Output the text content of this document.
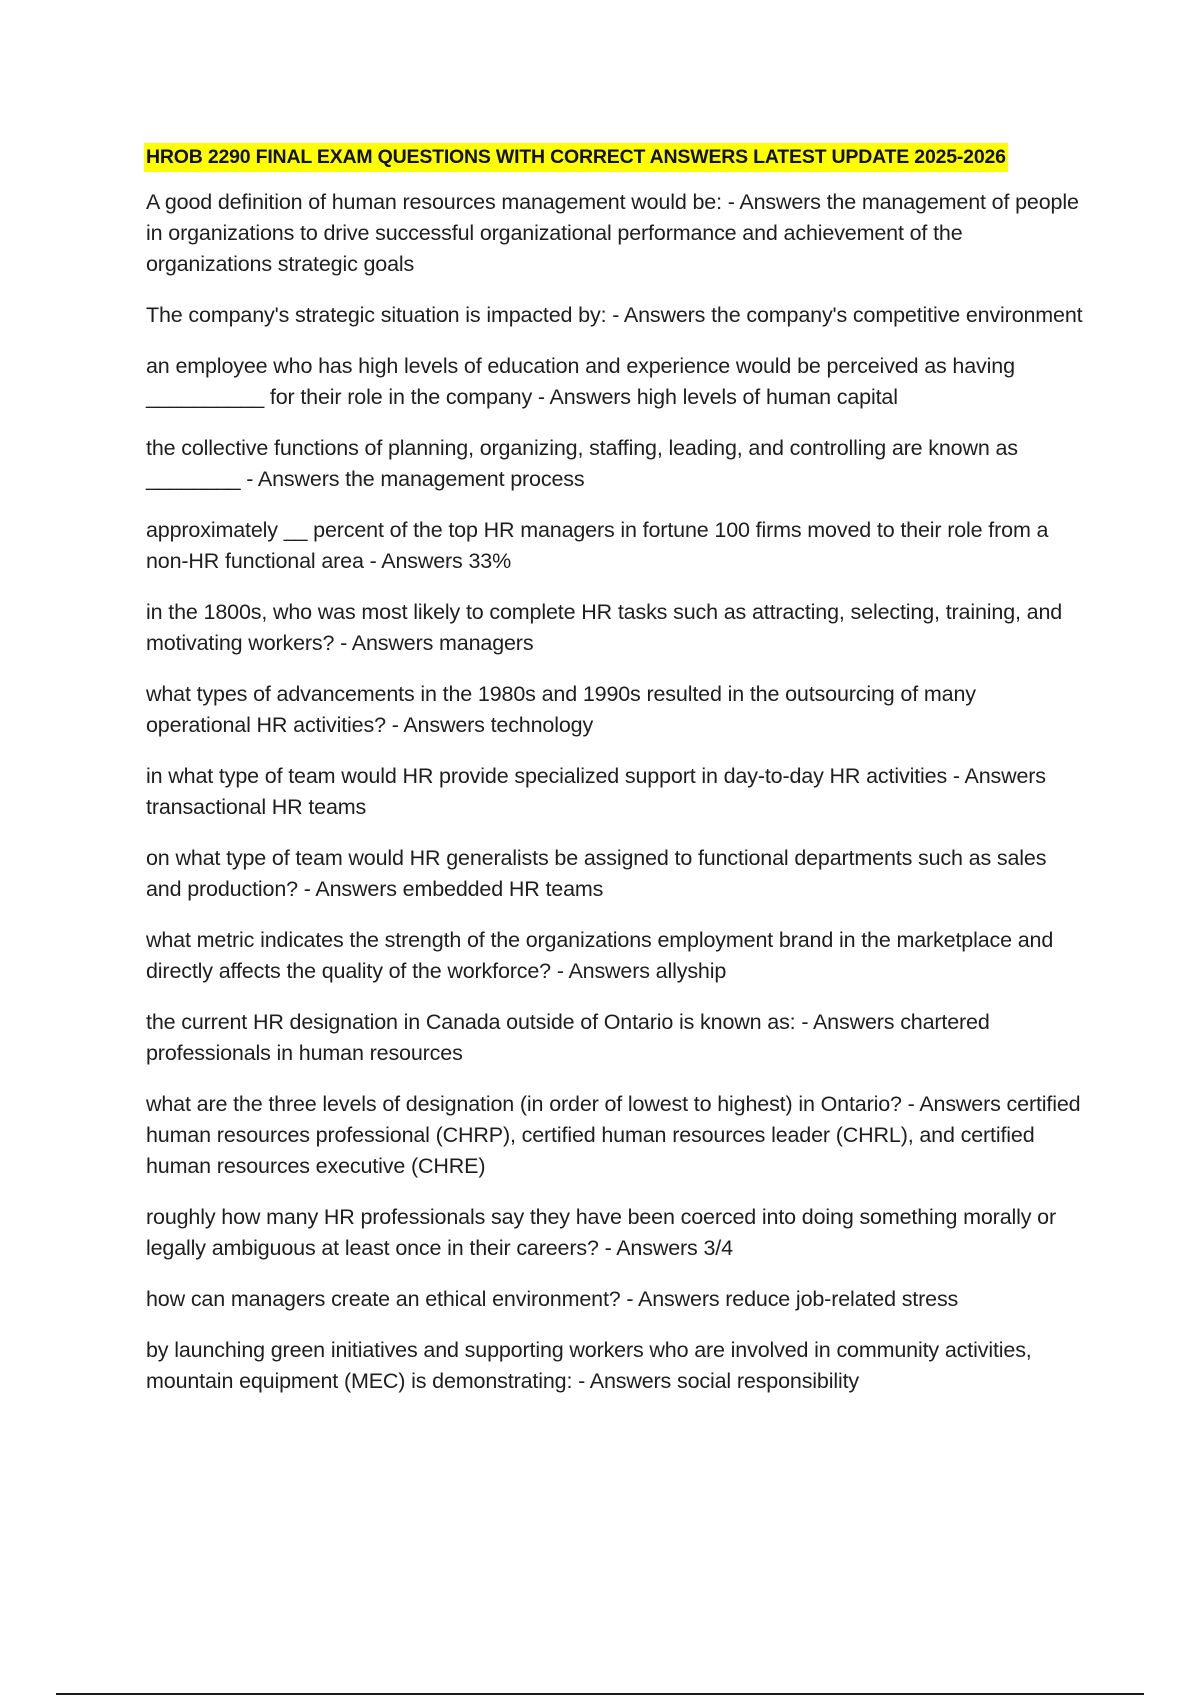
HROB 2290 FINAL EXAM QUESTIONS WITH CORRECT ANSWERS LATEST UPDATE 2025-2026

A good definition of human resources management would be: - Answers the management of people in organizations to drive successful organizational performance and achievement of the organizations strategic goals

The company's strategic situation is impacted by: - Answers the company's competitive environment

an employee who has high levels of education and experience would be perceived as having __________ for their role in the company - Answers high levels of human capital

the collective functions of planning, organizing, staffing, leading, and controlling are known as ________ - Answers the management process

approximately __ percent of the top HR managers in fortune 100 firms moved to their role from a non-HR functional area - Answers 33%

in the 1800s, who was most likely to complete HR tasks such as attracting, selecting, training, and motivating workers? - Answers managers

what types of advancements in the 1980s and 1990s resulted in the outsourcing of many operational HR activities? - Answers technology

in what type of team would HR provide specialized support in day-to-day HR activities - Answers transactional HR teams

on what type of team would HR generalists be assigned to functional departments such as sales and production? - Answers embedded HR teams

what metric indicates the strength of the organizations employment brand in the marketplace and directly affects the quality of the workforce? - Answers allyship

the current HR designation in Canada outside of Ontario is known as: - Answers chartered professionals in human resources

what are the three levels of designation (in order of lowest to highest) in Ontario? - Answers certified human resources professional (CHRP), certified human resources leader (CHRL), and certified human resources executive (CHRE)

roughly how many HR professionals say they have been coerced into doing something morally or legally ambiguous at least once in their careers? - Answers 3/4

how can managers create an ethical environment? - Answers reduce job-related stress

by launching green initiatives and supporting workers who are involved in community activities, mountain equipment (MEC) is demonstrating: - Answers social responsibility
